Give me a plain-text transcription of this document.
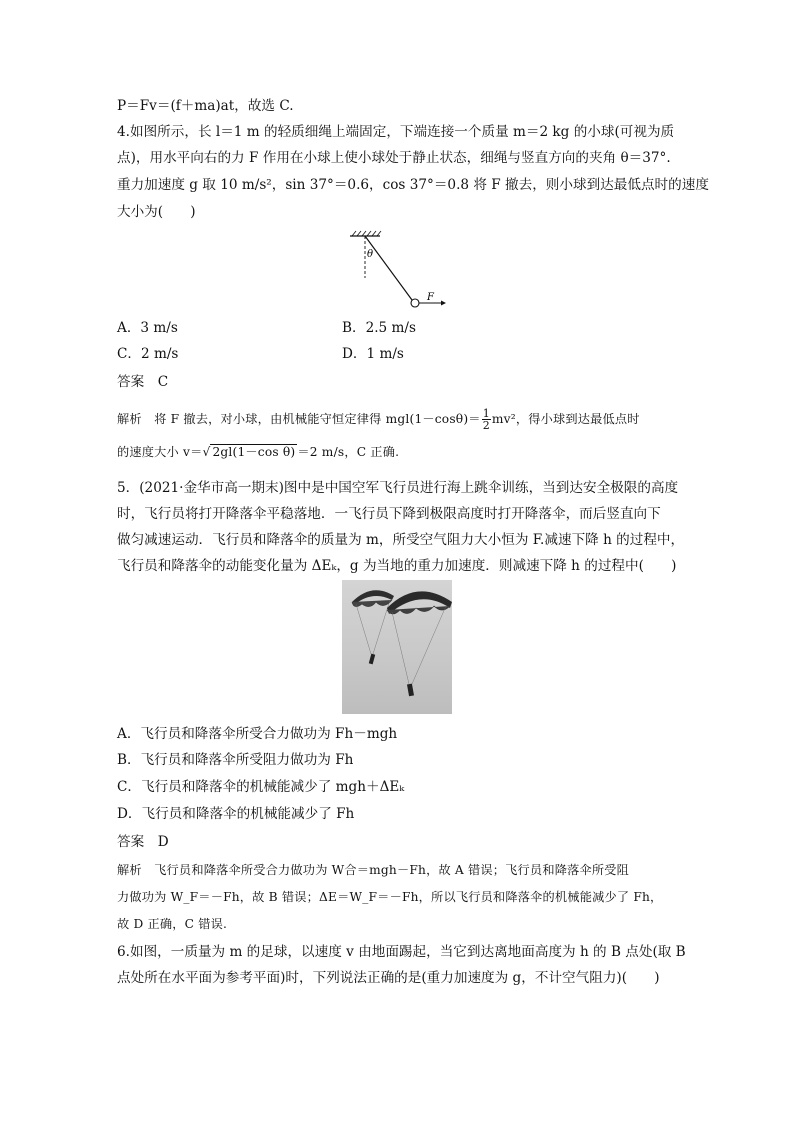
P＝Fv＝(f＋ma)at，故选 C.
4.如图所示，长 l＝1 m 的轻质细绳上端固定，下端连接一个质量 m＝2 kg 的小球(可视为质
点)，用水平向右的力 F 作用在小球上使小球处于静止状态，细绳与竖直方向的夹角 θ＝37°.
重力加速度 g 取 10 m/s²，sin 37°＝0.6，cos 37°＝0.8 将 F 撤去，则小球到达最低点时的速度
大小为(　　)
θ
F
A．3 m/s	B．2.5 m/s
C．2 m/s	D．1 m/s
答案　C
解析　将 F 撤去，对小球，由机械能守恒定律得 $mgl(1-\cos\theta)= \frac{1}{2} mv^2$，得小球到达最低点时
的速度大小 v＝√ 2gl(1－cos θ) ＝2 m/s，C 正确.
5．(2021·金华市高一期末)图中是中国空军飞行员进行海上跳伞训练，当到达安全极限的高度
时，飞行员将打开降落伞平稳落地．一飞行员下降到极限高度时打开降落伞，而后竖直向下
做匀减速运动．飞行员和降落伞的质量为 m，所受空气阻力大小恒为 F.减速下降 h 的过程中，
飞行员和降落伞的动能变化量为 ΔEₖ，g 为当地的重力加速度．则减速下降 h 的过程中(　　)
A．飞行员和降落伞所受合力做功为 Fh－mgh
B．飞行员和降落伞所受阻力做功为 Fh
C．飞行员和降落伞的机械能减少了 mgh＋ΔEₖ
D．飞行员和降落伞的机械能减少了 Fh
答案　D
解析　飞行员和降落伞所受合力做功为 W合＝mgh－Fh，故 A 错误；飞行员和降落伞所受阻
力做功为 W_F＝－Fh，故 B 错误；ΔE＝W_F＝－Fh，所以飞行员和降落伞的机械能减少了 Fh，
故 D 正确，C 错误.
6.如图，一质量为 m 的足球，以速度 v 由地面踢起，当它到达离地面高度为 h 的 B 点处(取 B
点处所在水平面为参考平面)时，下列说法正确的是(重力加速度为 g，不计空气阻力)(　　)
